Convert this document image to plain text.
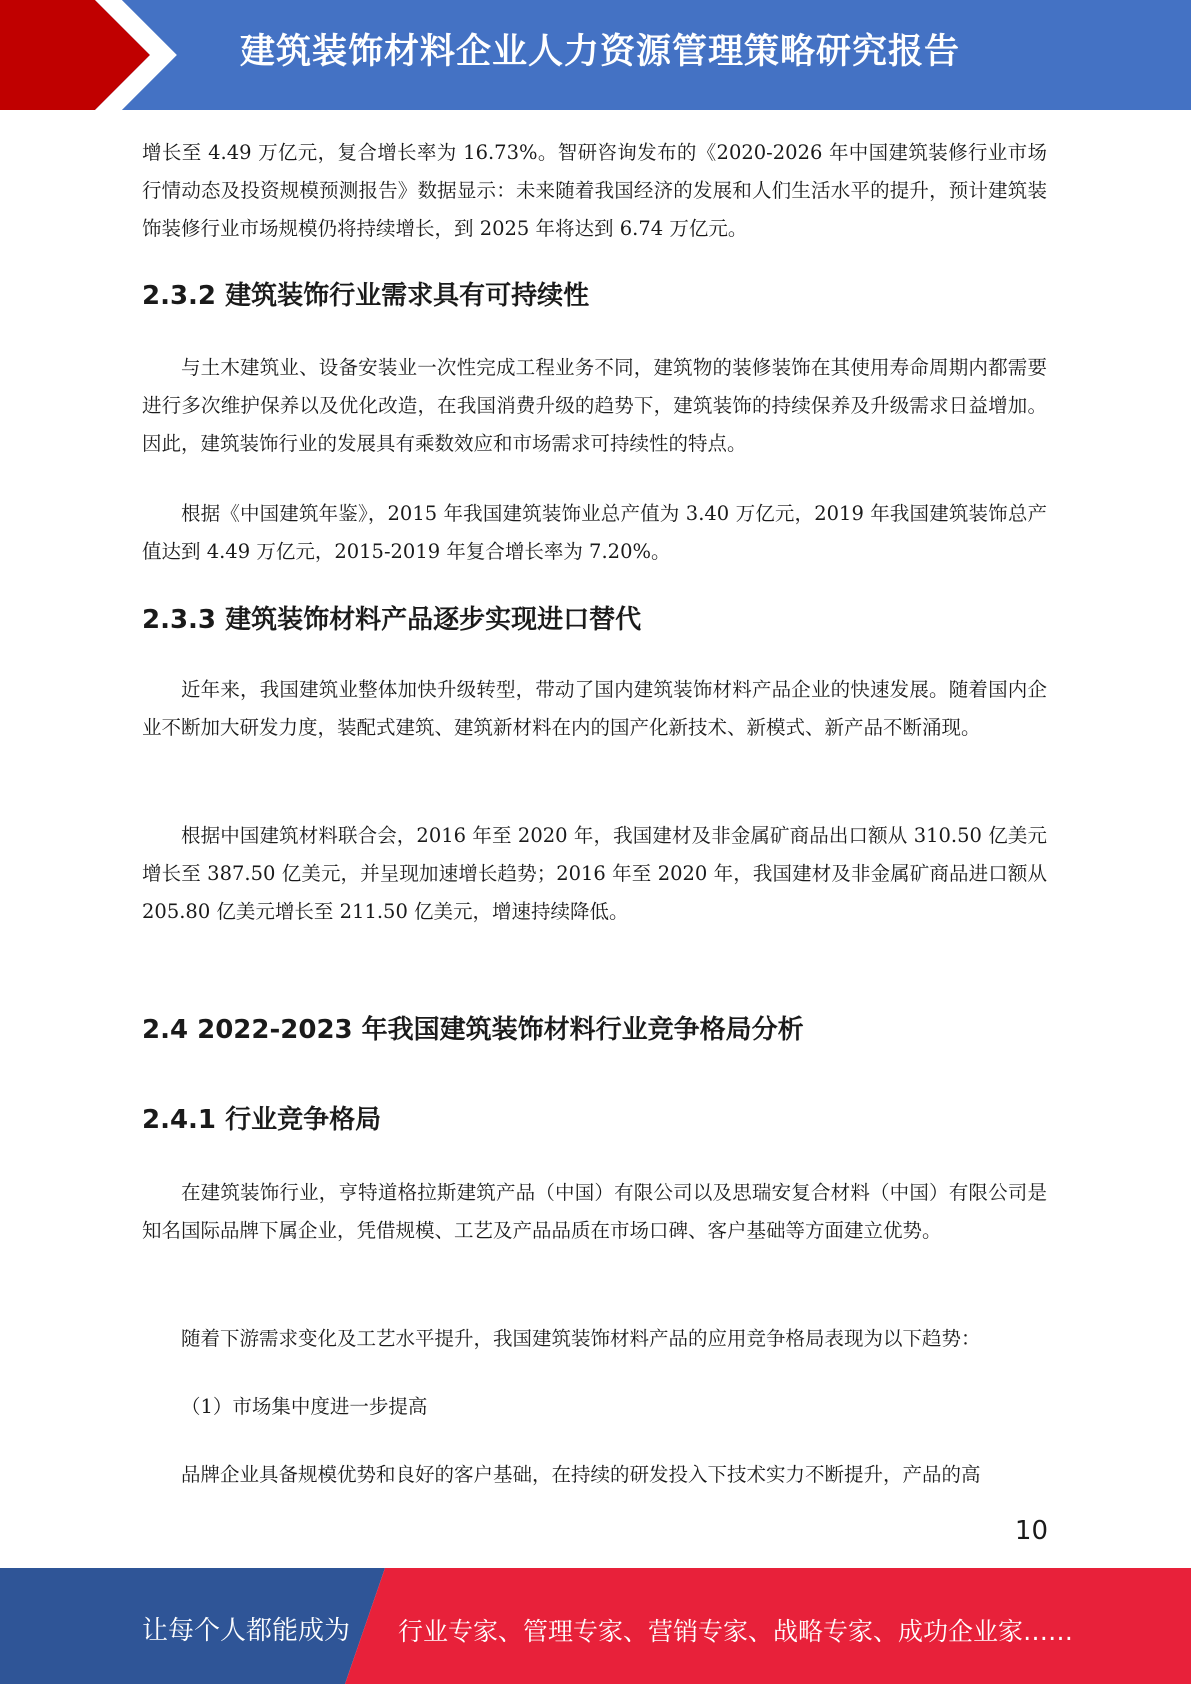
建筑装饰材料企业人力资源管理策略研究报告

增长至 4.49 万亿元，复合增长率为 16.73%。智研咨询发布的《2020-2026 年中国建筑装修行业市场行情动态及投资规模预测报告》数据显示：未来随着我国经济的发展和人们生活水平的提升，预计建筑装饰装修行业市场规模仍将持续增长，到 2025 年将达到 6.74 万亿元。

2.3.2 建筑装饰行业需求具有可持续性

与土木建筑业、设备安装业一次性完成工程业务不同，建筑物的装修装饰在其使用寿命周期内都需要进行多次维护保养以及优化改造，在我国消费升级的趋势下，建筑装饰的持续保养及升级需求日益增加。因此，建筑装饰行业的发展具有乘数效应和市场需求可持续性的特点。

根据《中国建筑年鉴》，2015 年我国建筑装饰业总产值为 3.40 万亿元，2019 年我国建筑装饰总产值达到 4.49 万亿元，2015-2019 年复合增长率为 7.20%。

2.3.3 建筑装饰材料产品逐步实现进口替代

近年来，我国建筑业整体加快升级转型，带动了国内建筑装饰材料产品企业的快速发展。随着国内企业不断加大研发力度，装配式建筑、建筑新材料在内的国产化新技术、新模式、新产品不断涌现。

根据中国建筑材料联合会，2016 年至 2020 年，我国建材及非金属矿商品出口额从 310.50 亿美元增长至 387.50 亿美元，并呈现加速增长趋势；2016 年至 2020 年，我国建材及非金属矿商品进口额从 205.80 亿美元增长至 211.50 亿美元，增速持续降低。

2.4 2022-2023 年我国建筑装饰材料行业竞争格局分析
2.4.1 行业竞争格局

在建筑装饰行业，亨特道格拉斯建筑产品（中国）有限公司以及思瑞安复合材料（中国）有限公司是知名国际品牌下属企业，凭借规模、工艺及产品品质在市场口碑、客户基础等方面建立优势。

随着下游需求变化及工艺水平提升，我国建筑装饰材料产品的应用竞争格局表现为以下趋势：

（1）市场集中度进一步提高

品牌企业具备规模优势和良好的客户基础，在持续的研发投入下技术实力不断提升，产品的高

10
让每个人都能成为 行业专家、管理专家、营销专家、战略专家、成功企业家……
